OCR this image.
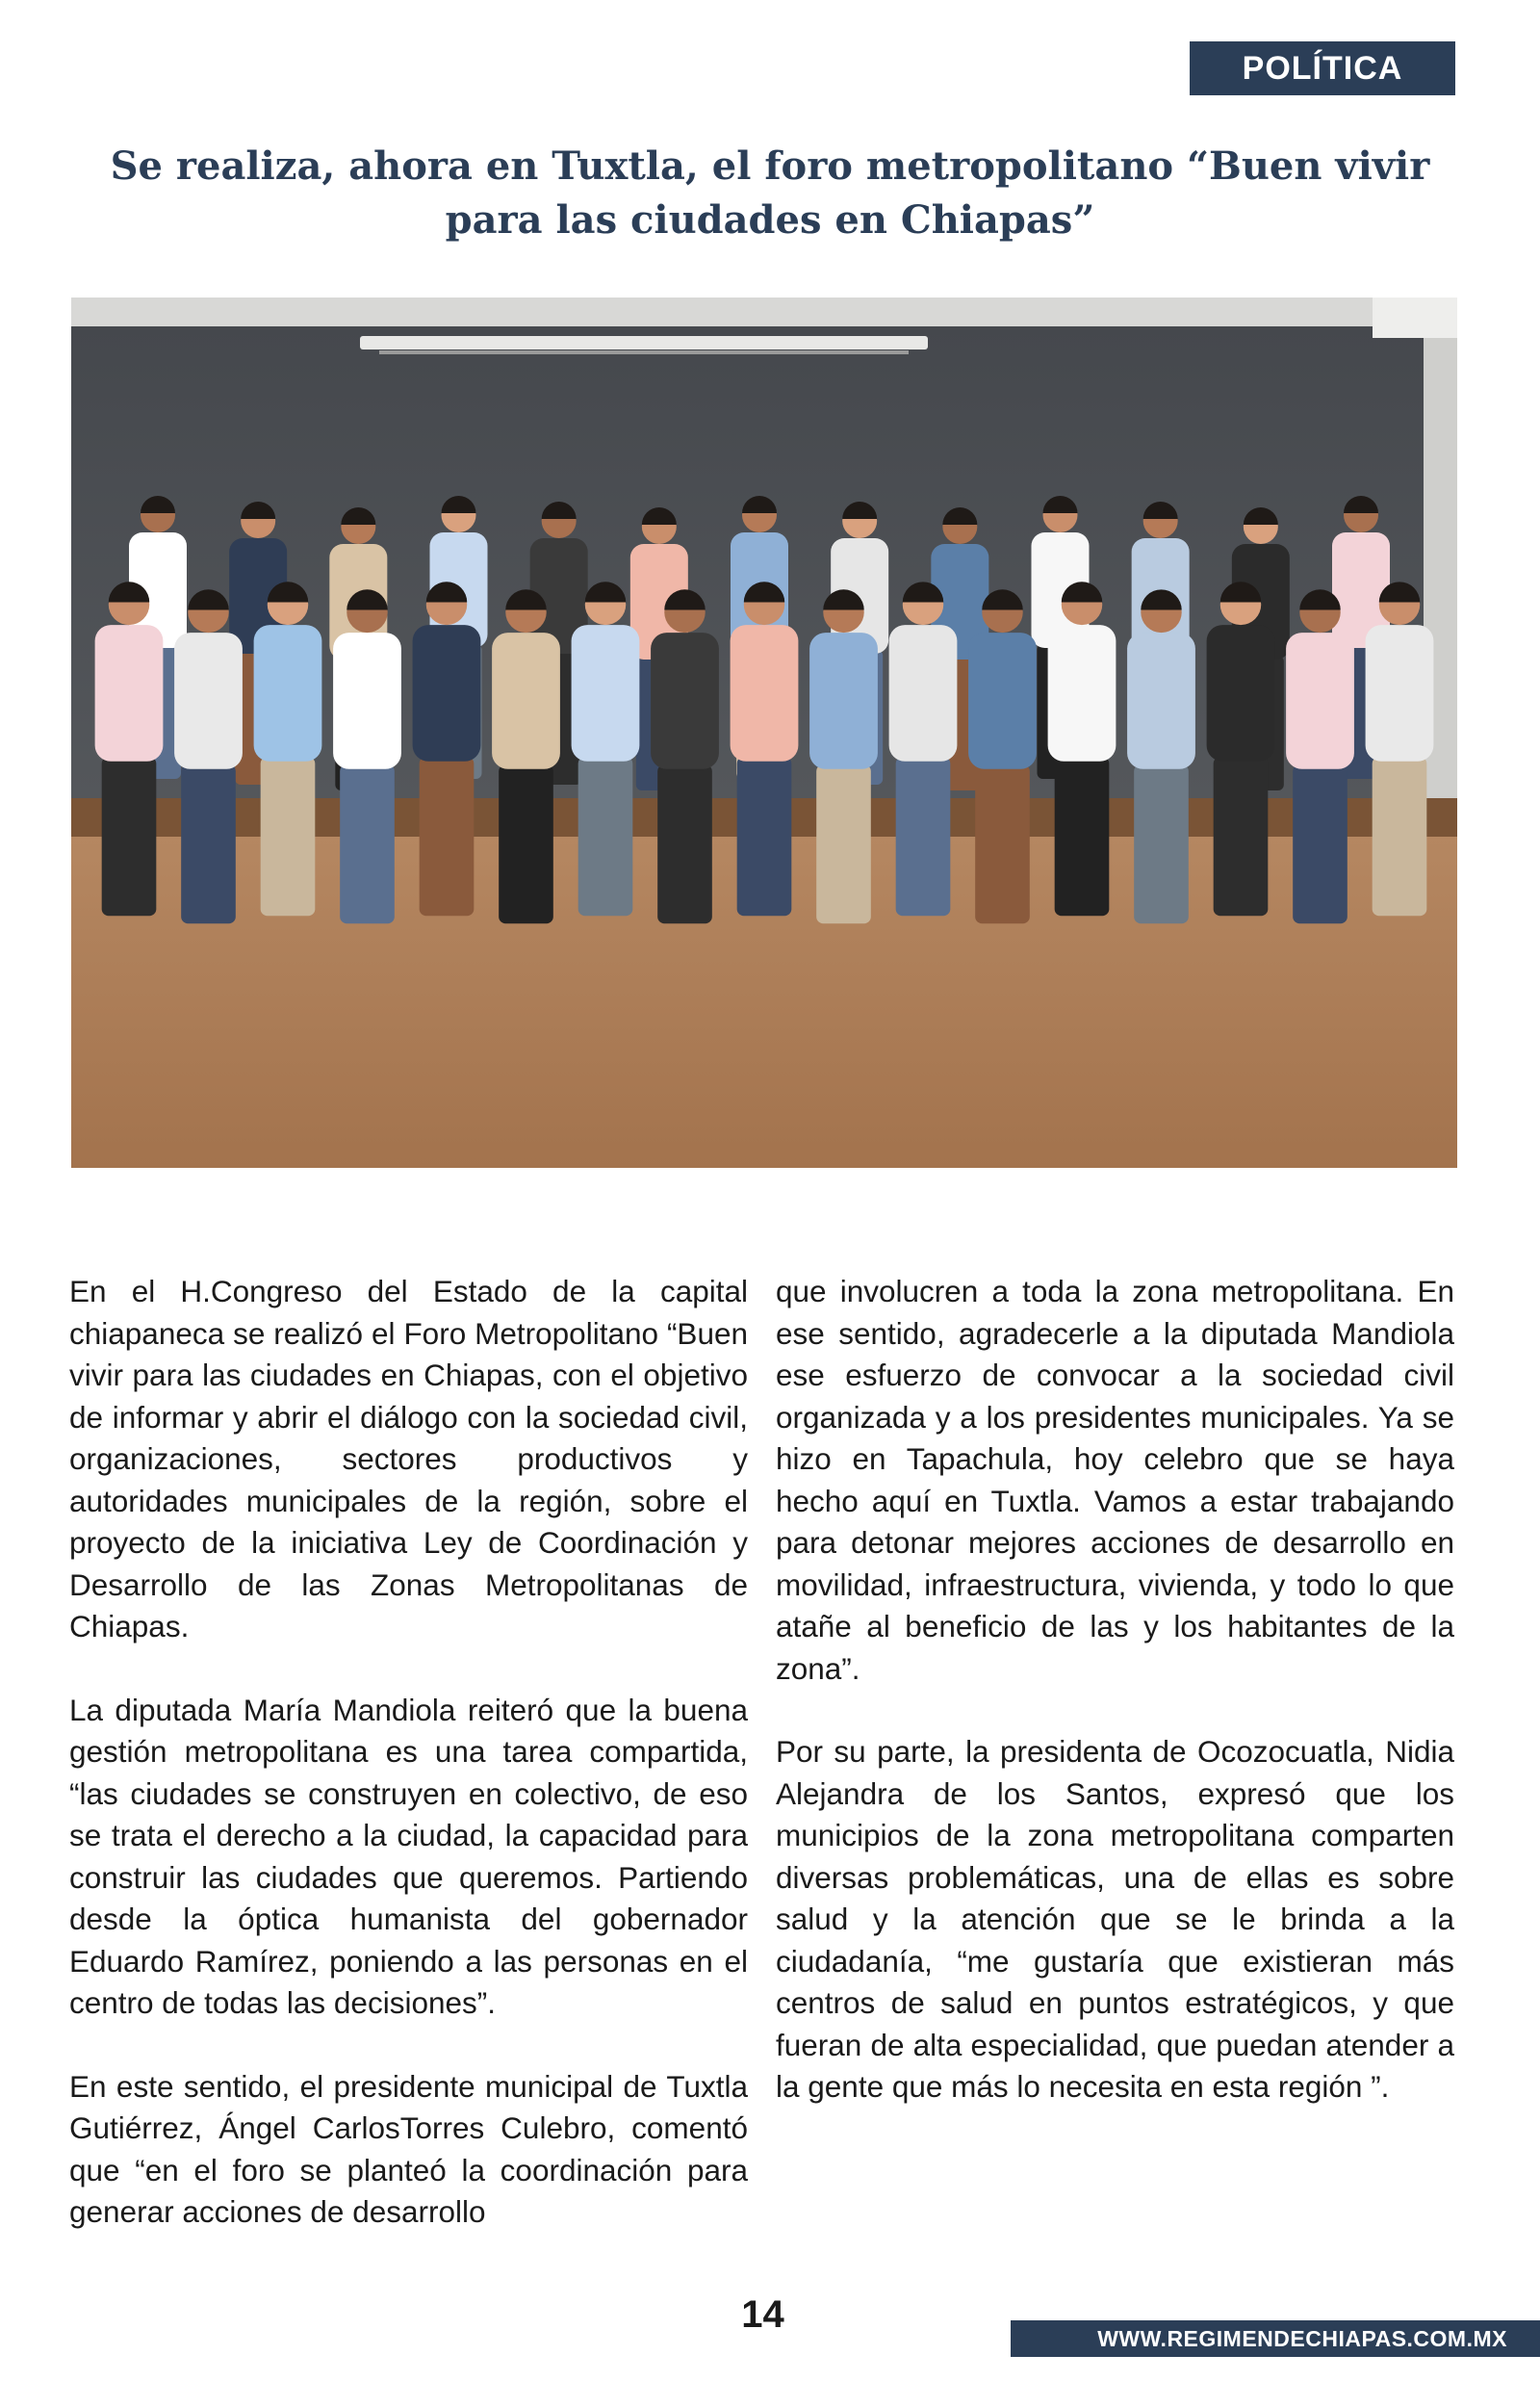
POLÍTICA
Se realiza, ahora en Tuxtla, el foro metropolitano “Buen vivir para las ciudades en Chiapas”

En el H.Congreso del Estado de la capital chiapaneca se realizó el Foro Metropolitano “Buen vivir para las ciudades en Chiapas, con el objetivo de informar y abrir el diálogo con la sociedad civil, organizaciones, sectores productivos y autoridades municipales de la región, sobre el proyecto de la iniciativa Ley de Coordinación y Desarrollo de las Zonas Metropolitanas de Chiapas.

La diputada María Mandiola reiteró que la buena gestión metropolitana es una tarea compartida, “las ciudades se construyen en colectivo, de eso se trata el derecho a la ciudad, la capacidad para construir las ciudades que queremos. Partiendo desde la óptica humanista del gobernador Eduardo Ramírez, poniendo a las personas en el centro de todas las decisiones”.

En este sentido, el presidente municipal de Tuxtla Gutiérrez, Ángel CarlosTorres Culebro, comentó que “en el foro se planteó la coordinación para generar acciones de desarrollo

que involucren a toda la zona metropolitana. En ese sentido, agradecerle a la diputada Mandiola ese esfuerzo de convocar a la sociedad civil organizada y a los presidentes municipales. Ya se hizo en Tapachula, hoy celebro que se haya hecho aquí en Tuxtla. Vamos a estar trabajando para detonar mejores acciones de desarrollo en movilidad, infraestructura, vivienda, y todo lo que atañe al beneficio de las y los habitantes de la zona”.

Por su parte, la presidenta de Ocozocuatla, Nidia Alejandra de los Santos, expresó que los municipios de la zona metropolitana comparten diversas problemáticas, una de ellas es sobre salud y la atención que se le brinda a la ciudadanía, “me gustaría que existieran más centros de salud en puntos estratégicos, y que fueran de alta especialidad, que puedan atender a la gente que más lo necesita en esta región ”.

14
WWW.REGIMENDECHIAPAS.COM.MX
